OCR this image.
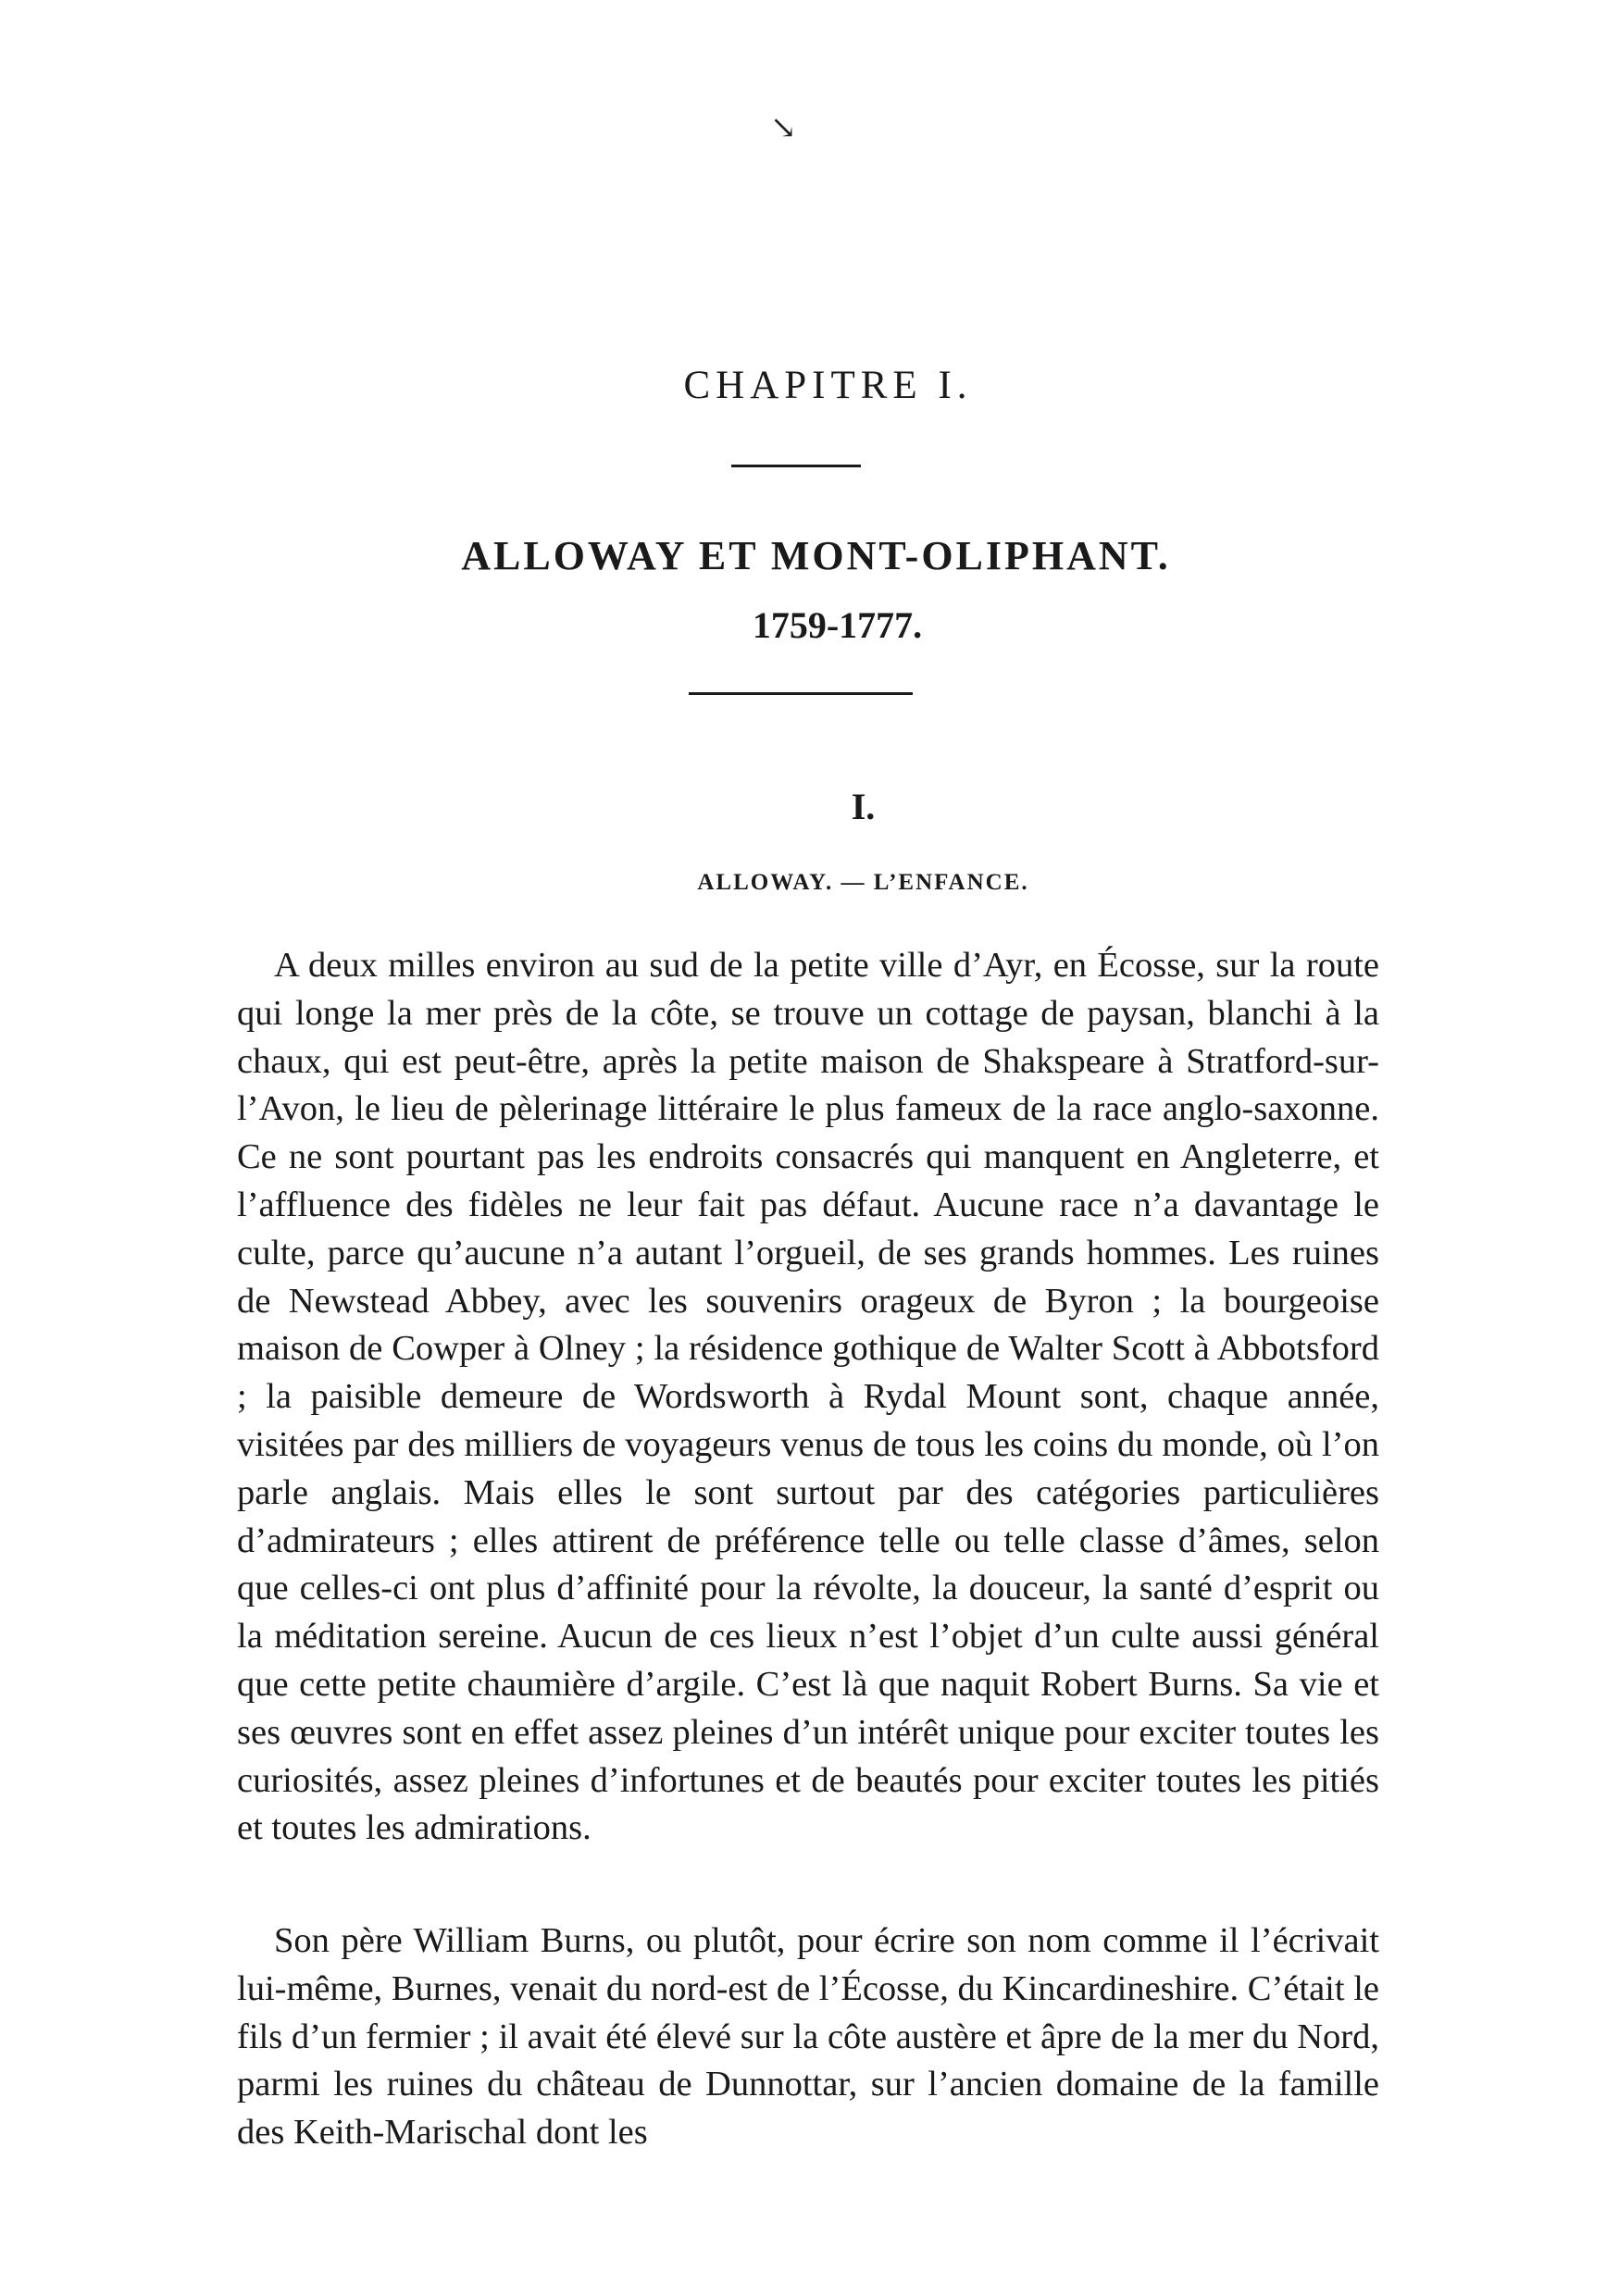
↘
CHAPITRE I.
ALLOWAY ET MONT-OLIPHANT.
1759-1777.
I.
ALLOWAY. — L’ENFANCE.

A deux milles environ au sud de la petite ville d’Ayr, en Écosse, sur la route qui longe la mer près de la côte, se trouve un cottage de paysan, blanchi à la chaux, qui est peut-être, après la petite maison de Shakspeare à Stratford-sur-l’Avon, le lieu de pèlerinage littéraire le plus fameux de la race anglo-saxonne. Ce ne sont pourtant pas les endroits consacrés qui manquent en Angleterre, et l’affluence des fidèles ne leur fait pas défaut. Aucune race n’a davantage le culte, parce qu’aucune n’a autant l’orgueil, de ses grands hommes. Les ruines de Newstead Abbey, avec les souvenirs orageux de Byron ; la bourgeoise maison de Cowper à Olney ; la résidence gothique de Walter Scott à Abbotsford ; la paisible demeure de Wordsworth à Rydal Mount sont, chaque année, visitées par des milliers de voyageurs venus de tous les coins du monde, où l’on parle anglais. Mais elles le sont surtout par des catégories particulières d’admirateurs ; elles attirent de préférence telle ou telle classe d’âmes, selon que celles-ci ont plus d’affinité pour la révolte, la douceur, la santé d’esprit ou la méditation sereine. Aucun de ces lieux n’est l’objet d’un culte aussi général que cette petite chaumière d’argile. C’est là que naquit Robert Burns. Sa vie et ses œuvres sont en effet assez pleines d’un intérêt unique pour exciter toutes les curiosités, assez pleines d’infortunes et de beautés pour exciter toutes les pitiés et toutes les admirations.

Son père William Burns, ou plutôt, pour écrire son nom comme il l’écrivait lui-même, Burnes, venait du nord-est de l’Écosse, du Kincardineshire. C’était le fils d’un fermier ; il avait été élevé sur la côte austère et âpre de la mer du Nord, parmi les ruines du château de Dunnottar, sur l’ancien domaine de la famille des Keith-Marischal dont les
